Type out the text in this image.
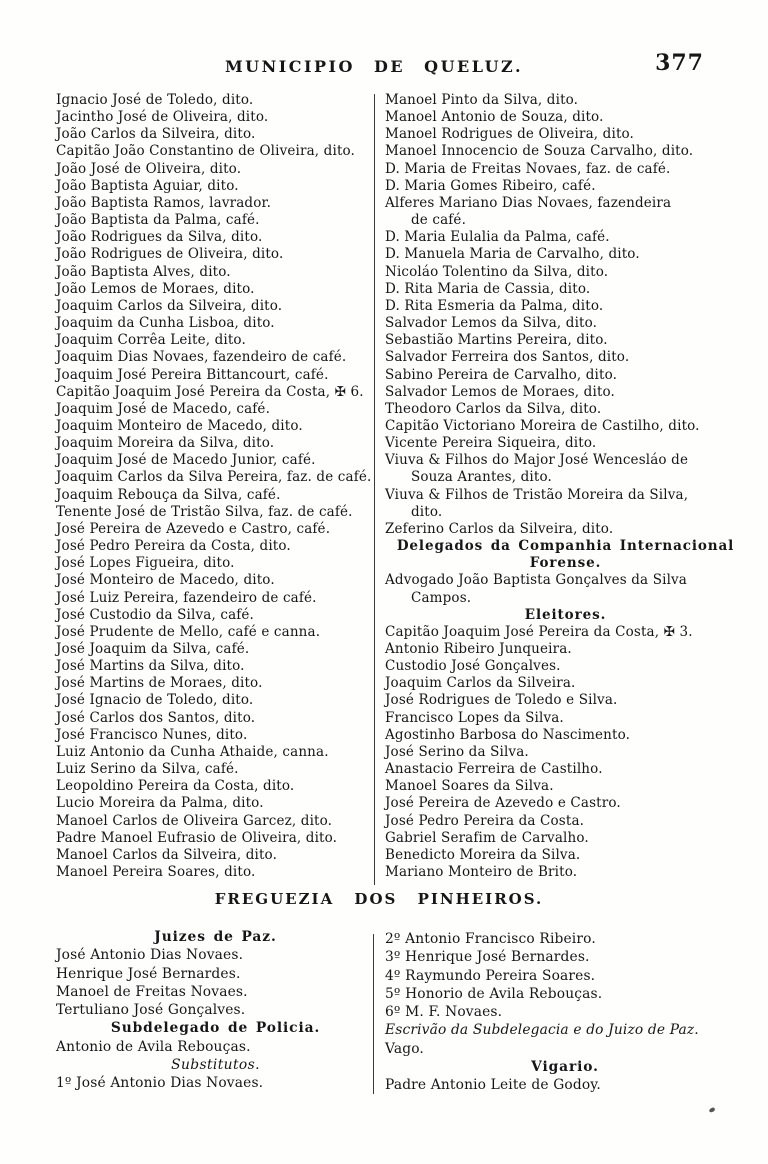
MUNICIPIO DE QUELUZ.	377
Ignacio José de Toledo, dito.
Jacintho José de Oliveira, dito.
João Carlos da Silveira, dito.
Capitão João Constantino de Oliveira, dito.
João José de Oliveira, dito.
João Baptista Aguiar, dito.
João Baptista Ramos, lavrador.
João Baptista da Palma, café.
João Rodrigues da Silva, dito.
João Rodrigues de Oliveira, dito.
João Baptista Alves, dito.
João Lemos de Moraes, dito.
Joaquim Carlos da Silveira, dito.
Joaquim da Cunha Lisboa, dito.
Joaquim Corrêa Leite, dito.
Joaquim Dias Novaes, fazendeiro de café.
Joaquim José Pereira Bittancourt, café.
Capitão Joaquim José Pereira da Costa, ✠ 6.
Joaquim José de Macedo, café.
Joaquim Monteiro de Macedo, dito.
Joaquim Moreira da Silva, dito.
Joaquim José de Macedo Junior, café.
Joaquim Carlos da Silva Pereira, faz. de café.
Joaquim Rebouça da Silva, café.
Tenente José de Tristão Silva, faz. de café.
José Pereira de Azevedo e Castro, café.
José Pedro Pereira da Costa, dito.
José Lopes Figueira, dito.
José Monteiro de Macedo, dito.
José Luiz Pereira, fazendeiro de café.
José Custodio da Silva, café.
José Prudente de Mello, café e canna.
José Joaquim da Silva, café.
José Martins da Silva, dito.
José Martins de Moraes, dito.
José Ignacio de Toledo, dito.
José Carlos dos Santos, dito.
José Francisco Nunes, dito.
Luiz Antonio da Cunha Athaide, canna.
Luiz Serino da Silva, café.
Leopoldino Pereira da Costa, dito.
Lucio Moreira da Palma, dito.
Manoel Carlos de Oliveira Garcez, dito.
Padre Manoel Eufrasio de Oliveira, dito.
Manoel Carlos da Silveira, dito.
Manoel Pereira Soares, dito.
Manoel Pinto da Silva, dito.
Manoel Antonio de Souza, dito.
Manoel Rodrigues de Oliveira, dito.
Manoel Innocencio de Souza Carvalho, dito.
D. Maria de Freitas Novaes, faz. de café.
D. Maria Gomes Ribeiro, café.
Alferes Mariano Dias Novaes, fazendeira
de café.
D. Maria Eulalia da Palma, café.
D. Manuela Maria de Carvalho, dito.
Nicoláo Tolentino da Silva, dito.
D. Rita Maria de Cassia, dito.
D. Rita Esmeria da Palma, dito.
Salvador Lemos da Silva, dito.
Sebastião Martins Pereira, dito.
Salvador Ferreira dos Santos, dito.
Sabino Pereira de Carvalho, dito.
Salvador Lemos de Moraes, dito.
Theodoro Carlos da Silva, dito.
Capitão Victoriano Moreira de Castilho, dito.
Vicente Pereira Siqueira, dito.
Viuva & Filhos do Major José Wencesláo de
Souza Arantes, dito.
Viuva & Filhos de Tristão Moreira da Silva,
dito.
Zeferino Carlos da Silveira, dito.
Delegados da Companhia Internacional
Forense.
Advogado João Baptista Gonçalves da Silva
Campos.
Eleitores.
Capitão Joaquim José Pereira da Costa, ✠ 3.
Antonio Ribeiro Junqueira.
Custodio José Gonçalves.
Joaquim Carlos da Silveira.
José Rodrigues de Toledo e Silva.
Francisco Lopes da Silva.
Agostinho Barbosa do Nascimento.
José Serino da Silva.
Anastacio Ferreira de Castilho.
Manoel Soares da Silva.
José Pereira de Azevedo e Castro.
José Pedro Pereira da Costa.
Gabriel Serafim de Carvalho.
Benedicto Moreira da Silva.
Mariano Monteiro de Brito.
FREGUEZIA DOS PINHEIROS.
Juizes de Paz.
José Antonio Dias Novaes.
Henrique José Bernardes.
Manoel de Freitas Novaes.
Tertuliano José Gonçalves.
Subdelegado de Policia.
Antonio de Avila Rebouças.
Substitutos.
1º José Antonio Dias Novaes.
2º Antonio Francisco Ribeiro.
3º Henrique José Bernardes.
4º Raymundo Pereira Soares.
5º Honorio de Avila Rebouças.
6º M. F. Novaes.
Escrivão da Subdelegacia e do Juizo de Paz.
Vago.
Vigario.
Padre Antonio Leite de Godoy.
